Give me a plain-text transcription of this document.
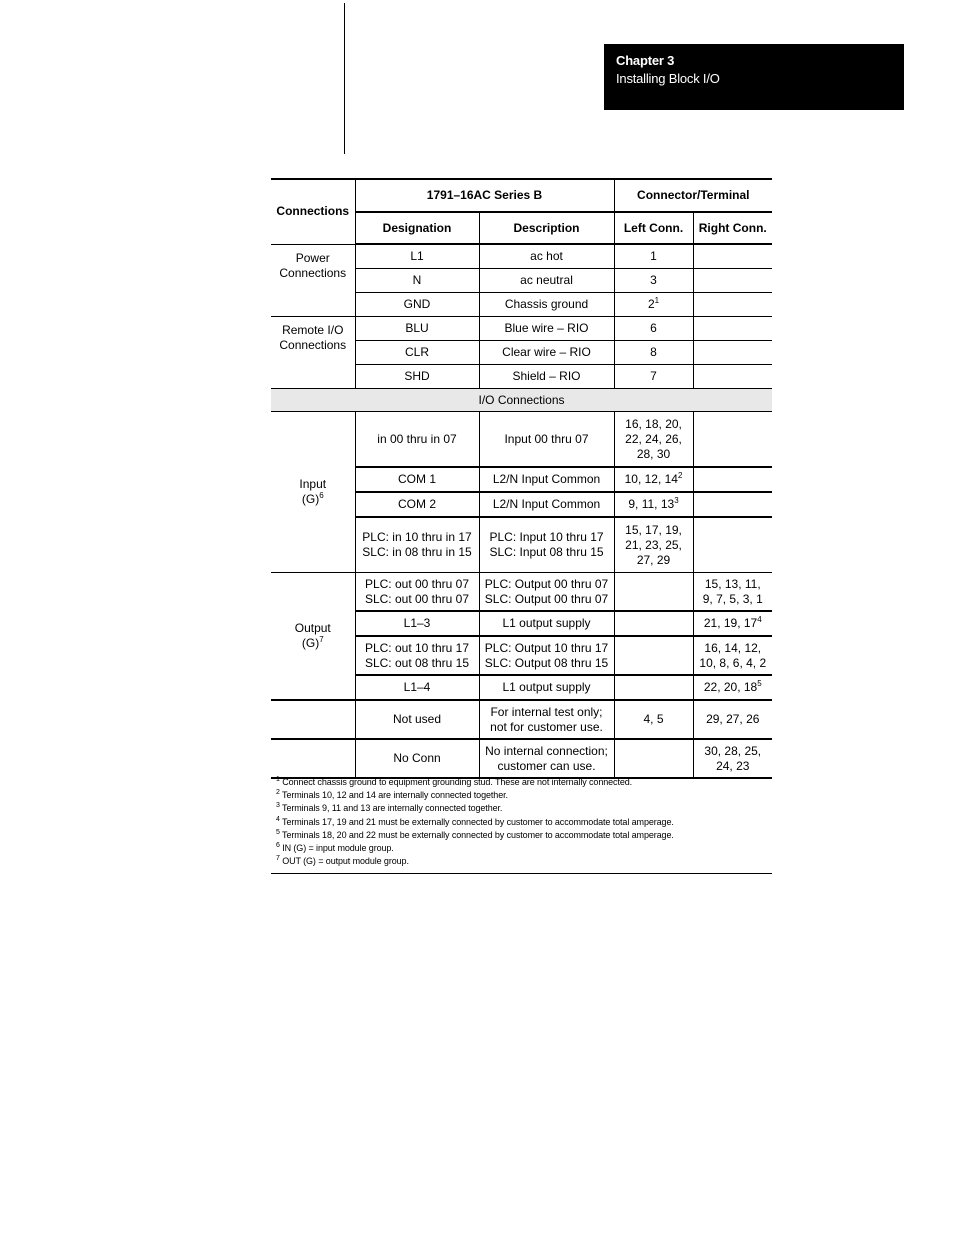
Chapter 3
Installing Block I/O
Connections	1791–16AC Series B		Connector/Terminal	
	Designation	Description	Left Conn.	Right Conn.
Power
Connections	L1	ac hot	1	
	N	ac neutral	3	
	GND	Chassis ground	$2^1$	
Remote I/O
Connections	BLU	Blue wire – RIO	6	
	CLR	Clear wire – RIO	8	
	SHD	Shield – RIO	7	
I/O Connections				
Input
$(G)^6$	in 00 thru in 07	Input 00 thru 07	16, 18, 20,
22, 24, 26,
28, 30	
	COM 1	L2/N Input Common	10, 12, $14^2$	
	COM 2	L2/N Input Common	9, 11, $13^3$	
	PLC: in 10 thru in 17
SLC: in 08 thru in 15	PLC: Input 10 thru 17
SLC: Input 08 thru 15	15, 17, 19,
21, 23, 25,
27, 29	
Output
$(G)^7$	PLC: out 00 thru 07
SLC: out 00 thru 07	PLC: Output 00 thru 07
SLC: Output 00 thru 07		15, 13, 11,
9, 7, 5, 3, 1
	L1–3	L1 output supply		21, 19, $17^4$
	PLC: out 10 thru 17
SLC: out 08 thru 15	PLC: Output 10 thru 17
SLC: Output 08 thru 15		16, 14, 12,
10, 8, 6, 4, 2
	L1–4	L1 output supply		22, 20, $18^5$
	Not used	For internal test only;
not for customer use.	4, 5	29, 27, 26
	No Conn	No internal connection;
customer can use.		30, 28, 25,
24, 23
$^1$ Connect chassis ground to equipment grounding stud. These are not internally connected.
$^2$ Terminals 10, 12 and 14 are internally connected together.
$^3$ Terminals 9, 11 and 13 are internally connected together.
$^4$ Terminals 17, 19 and 21 must be externally connected by customer to accommodate total amperage.
$^5$ Terminals 18, 20 and 22 must be externally connected by customer to accommodate total amperage.
$^6$ IN (G) = input module group.
$^7$ OUT (G) = output module group.
